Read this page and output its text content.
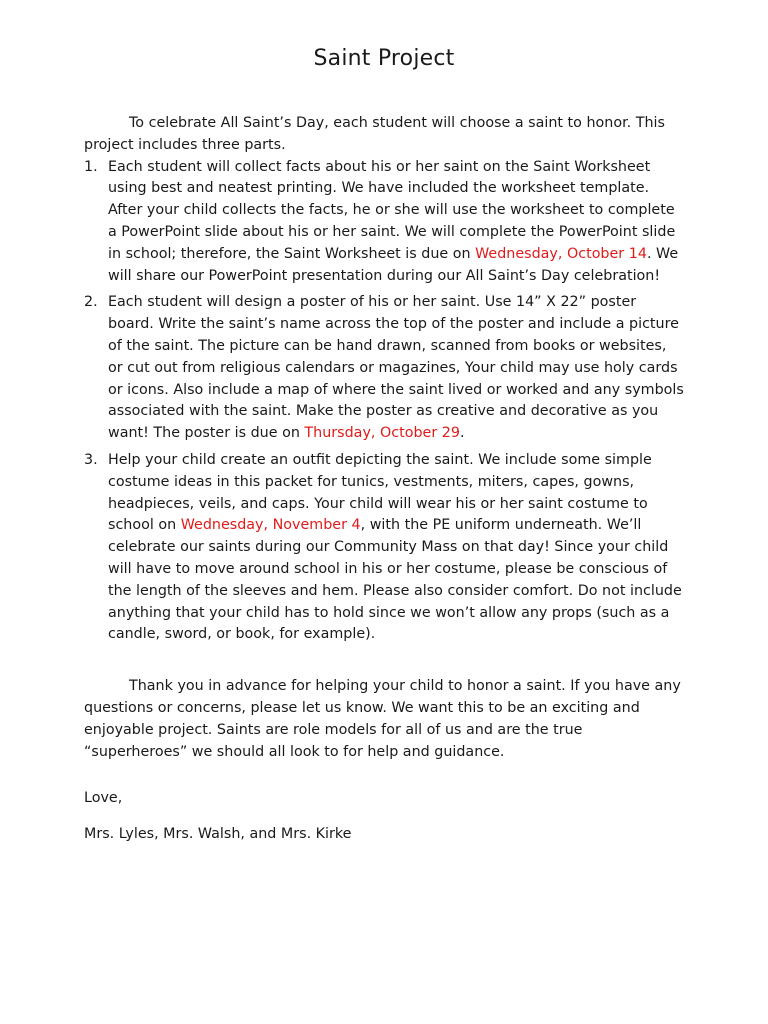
Saint Project

To celebrate All Saint’s Day, each student will choose a saint to honor. This project includes three parts.

1. Each student will collect facts about his or her saint on the Saint Worksheet using best and neatest printing. We have included the worksheet template. After your child collects the facts, he or she will use the worksheet to complete a PowerPoint slide about his or her saint. We will complete the PowerPoint slide in school; therefore, the Saint Worksheet is due on Wednesday, October 14. We will share our PowerPoint presentation during our All Saint’s Day celebration!
2. Each student will design a poster of his or her saint. Use 14” X 22” poster board. Write the saint’s name across the top of the poster and include a picture of the saint. The picture can be hand drawn, scanned from books or websites, or cut out from religious calendars or magazines, Your child may use holy cards or icons. Also include a map of where the saint lived or worked and any symbols associated with the saint. Make the poster as creative and decorative as you want! The poster is due on Thursday, October 29.
3. Help your child create an outfit depicting the saint. We include some simple costume ideas in this packet for tunics, vestments, miters, capes, gowns, headpieces, veils, and caps. Your child will wear his or her saint costume to school on Wednesday, November 4, with the PE uniform underneath. We’ll celebrate our saints during our Community Mass on that day! Since your child will have to move around school in his or her costume, please be conscious of the length of the sleeves and hem. Please also consider comfort. Do not include anything that your child has to hold since we won’t allow any props (such as a candle, sword, or book, for example).

Thank you in advance for helping your child to honor a saint. If you have any questions or concerns, please let us know. We want this to be an exciting and enjoyable project. Saints are role models for all of us and are the true “superheroes” we should all look to for help and guidance.

Love,

Mrs. Lyles, Mrs. Walsh, and Mrs. Kirke
